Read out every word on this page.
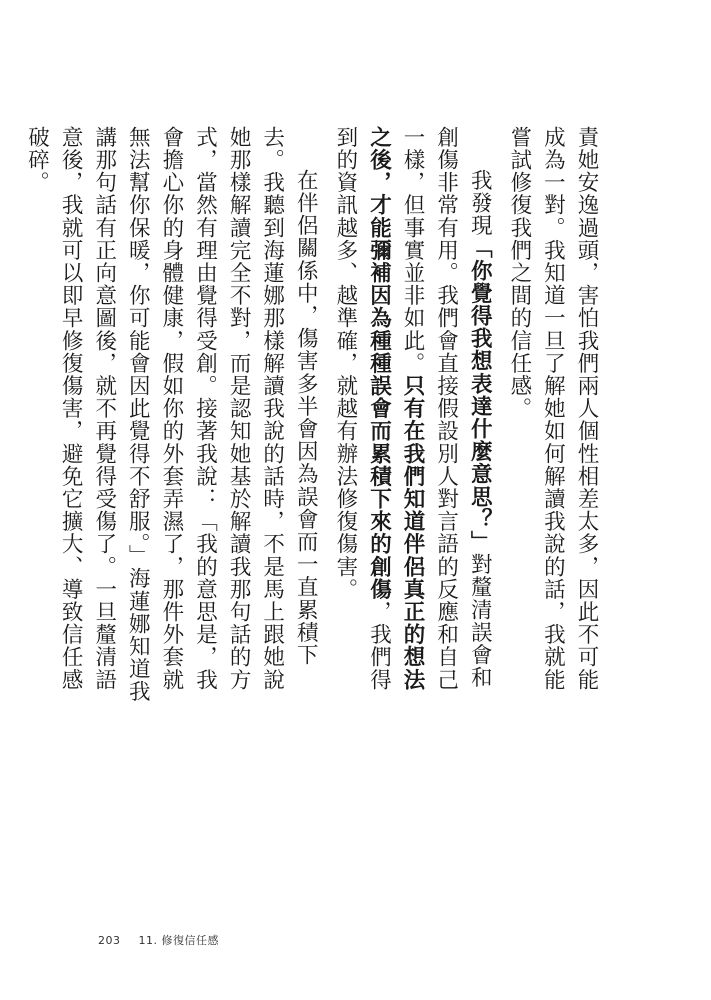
責她安逸過頭，害怕我們兩人個性相差太多，因此不可能成為一對。我知道一旦了解她如何解讀我說的話，我就能嘗試修復我們之間的信任感。

我發現「你覺得我想表達什麼意思？」對釐清誤會和創傷非常有用。我們會直接假設別人對言語的反應和自己一樣，但事實並非如此。只有在我們知道伴侶真正的想法之後，才能彌補因為種種誤會而累積下來的創傷，我們得到的資訊越多、越準確，就越有辦法修復傷害。

在伴侶關係中，傷害多半會因為誤會而一直累積下去。我聽到海蓮娜那樣解讀我說的話時，不是馬上跟她說她那樣解讀完全不對，而是認知她基於解讀我那句話的方式，當然有理由覺得受創。接著我說：「我的意思是，我會擔心你的身體健康，假如你的外套弄濕了，那件外套就無法幫你保暖，你可能會因此覺得不舒服。」海蓮娜知道我講那句話有正向意圖後，就不再覺得受傷了。一旦釐清語意後，我就可以即早修復傷害，避免它擴大、導致信任感破碎。

203 11. 修復信任感
